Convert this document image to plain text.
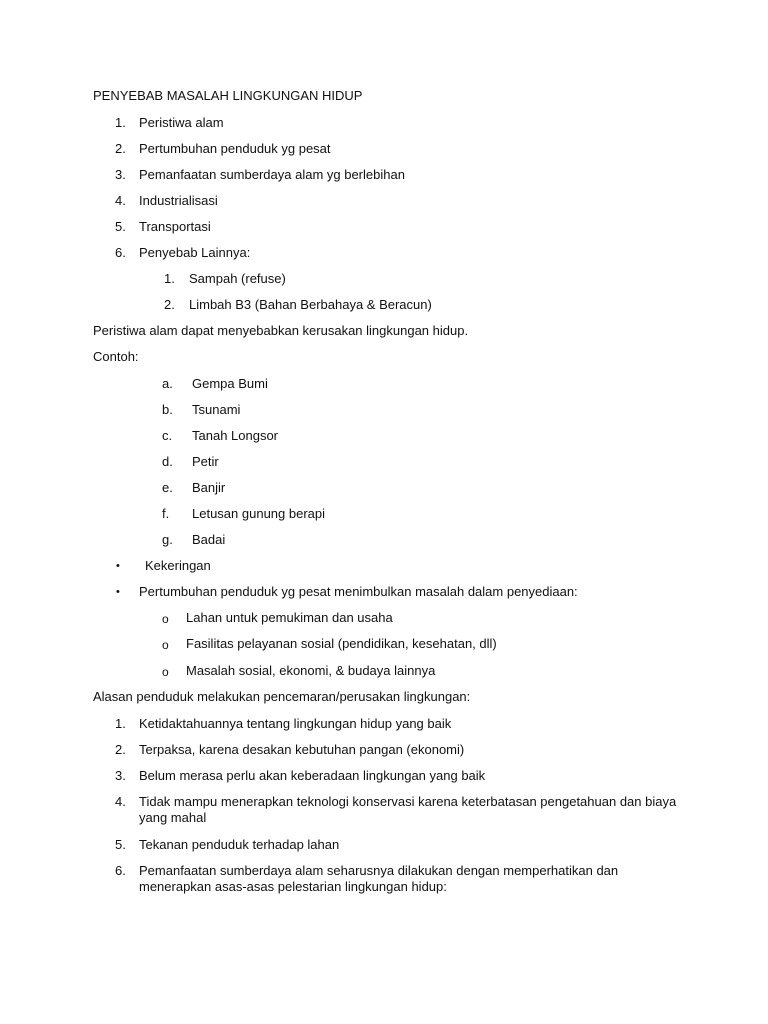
PENYEBAB MASALAH LINGKUNGAN HIDUP
1. Peristiwa alam
2. Pertumbuhan penduduk yg pesat
3. Pemanfaatan sumberdaya alam yg berlebihan
4. Industrialisasi
5. Transportasi
6. Penyebab Lainnya:
1. Sampah (refuse)
2. Limbah B3 (Bahan Berbahaya & Beracun)
Peristiwa alam dapat menyebabkan kerusakan lingkungan hidup.
Contoh:
a. Gempa Bumi
b. Tsunami
c. Tanah Longsor
d. Petir
e. Banjir
f. Letusan gunung berapi
g. Badai
• Kekeringan
• Pertumbuhan penduduk yg pesat menimbulkan masalah dalam penyediaan:
o Lahan untuk pemukiman dan usaha
o Fasilitas pelayanan sosial (pendidikan, kesehatan, dll)
o Masalah sosial, ekonomi, & budaya lainnya
Alasan penduduk melakukan pencemaran/perusakan lingkungan:
1. Ketidaktahuannya tentang lingkungan hidup yang baik
2. Terpaksa, karena desakan kebutuhan pangan (ekonomi)
3. Belum merasa perlu akan keberadaan lingkungan yang baik
4. Tidak mampu menerapkan teknologi konservasi karena keterbatasan pengetahuan dan biaya
yang mahal
5. Tekanan penduduk terhadap lahan
6. Pemanfaatan sumberdaya alam seharusnya dilakukan dengan memperhatikan dan
menerapkan asas-asas pelestarian lingkungan hidup:
